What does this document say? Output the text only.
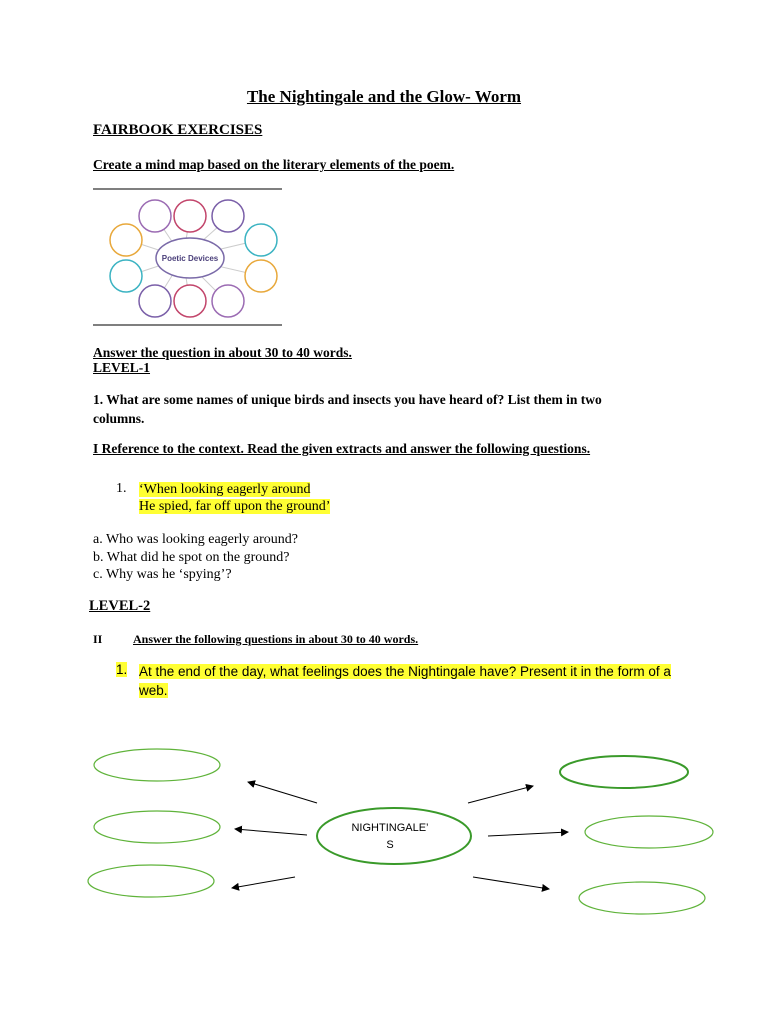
The Nightingale and the Glow- Worm
FAIRBOOK EXERCISES
Create a mind map based on the literary elements of the poem.
Poetic Devices
Answer the question in about 30 to 40 words.
LEVEL-1
1. What are some names of unique birds and insects you have heard of? List them in two columns.
I Reference to the context. Read the given extracts and answer the following questions.
1. ‘When looking eagerly around
He spied, far off upon the ground’
a. Who was looking eagerly around?
b. What did he spot on the ground?
c. Why was he ‘spying’?
LEVEL-2
II	Answer the following questions in about 30 to 40 words.
1. At the end of the day, what feelings does the Nightingale have? Present it in the form of a web.
NIGHTINGALE’
S
